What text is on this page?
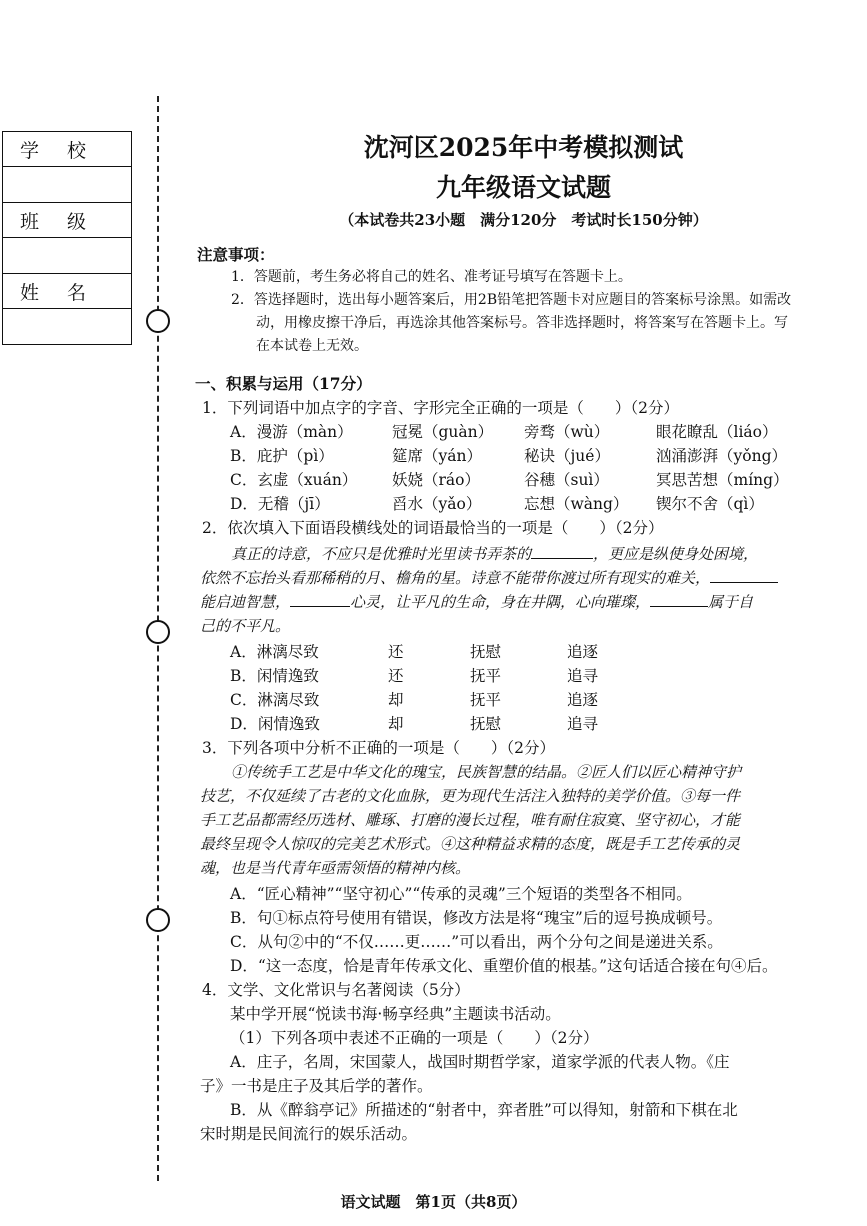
学校

班级

姓名

沈河区2025年中考模拟测试
九年级语文试题
（本试卷共23小题　满分120分　考试时长150分钟）
注意事项：
1．答题前，考生务必将自己的姓名、准考证号填写在答题卡上。
2．答选择题时，选出每小题答案后，用2B铅笔把答题卡对应题目的答案标号涂黑。如需改
动，用橡皮擦干净后，再选涂其他答案标号。答非选择题时，将答案写在答题卡上。写
在本试卷上无效。
一、积累与运用（17分）
1．下列词语中加点字的字音、字形完全正确的一项是（　　）（2分）
A．漫游（màn）	冠冕（guàn） 旁骛（wù）	眼花瞭乱（liáo）
B．庇护（pì）	筵席（yán）	秘诀（jué）	汹涌澎湃（yǒng）
C．玄虚（xuán） 妖娆（ráo）	谷穗（suì）	冥思苦想（míng）
D．无稽（jī）	舀水（yǎo）	忘想（wàng） 锲尔不舍（qì）
2．依次填入下面语段横线处的词语最恰当的一项是（　　）（2分）
真正的诗意，不应只是优雅时光里读书弄茶的	，更应是纵使身处困境，
依然不忘抬头看那稀稍的月、檐角的星。诗意不能带你渡过所有现实的难关，
能启迪智慧，	心灵，让平凡的生命，身在井隅，心向璀璨，	属于自
己的不平凡。
A．淋漓尽致	还	抚慰	追逐
B．闲情逸致	还	抚平	追寻
C．淋漓尽致	却	抚平	追逐
D．闲情逸致	却	抚慰	追寻
3．下列各项中分析不正确的一项是（　　）（2分）
①传统手工艺是中华文化的瑰宝，民族智慧的结晶。②匠人们以匠心精神守护
技艺，不仅延续了古老的文化血脉，更为现代生活注入独特的美学价值。③每一件
手工艺品都需经历选材、雕琢、打磨的漫长过程，唯有耐住寂寞、坚守初心，才能
最终呈现令人惊叹的完美艺术形式。④这种精益求精的态度，既是手工艺传承的灵
魂，也是当代青年亟需领悟的精神内核。
A．“匠心精神”“坚守初心”“传承的灵魂”三个短语的类型各不相同。
B．句①标点符号使用有错误，修改方法是将“瑰宝”后的逗号换成顿号。
C．从句②中的“不仅……更……”可以看出，两个分句之间是递进关系。
D．“这一态度，恰是青年传承文化、重塑价值的根基。”这句话适合接在句④后。
4．文学、文化常识与名著阅读（5分）
某中学开展“悦读书海·畅享经典”主题读书活动。
（1）下列各项中表述不正确的一项是（　　）（2分）
A．庄子，名周，宋国蒙人，战国时期哲学家，道家学派的代表人物。《庄
子》一书是庄子及其后学的著作。
B．从《醉翁亭记》所描述的“射者中，弈者胜”可以得知，射箭和下棋在北
宋时期是民间流行的娱乐活动。
语文试题　第1页（共8页）
